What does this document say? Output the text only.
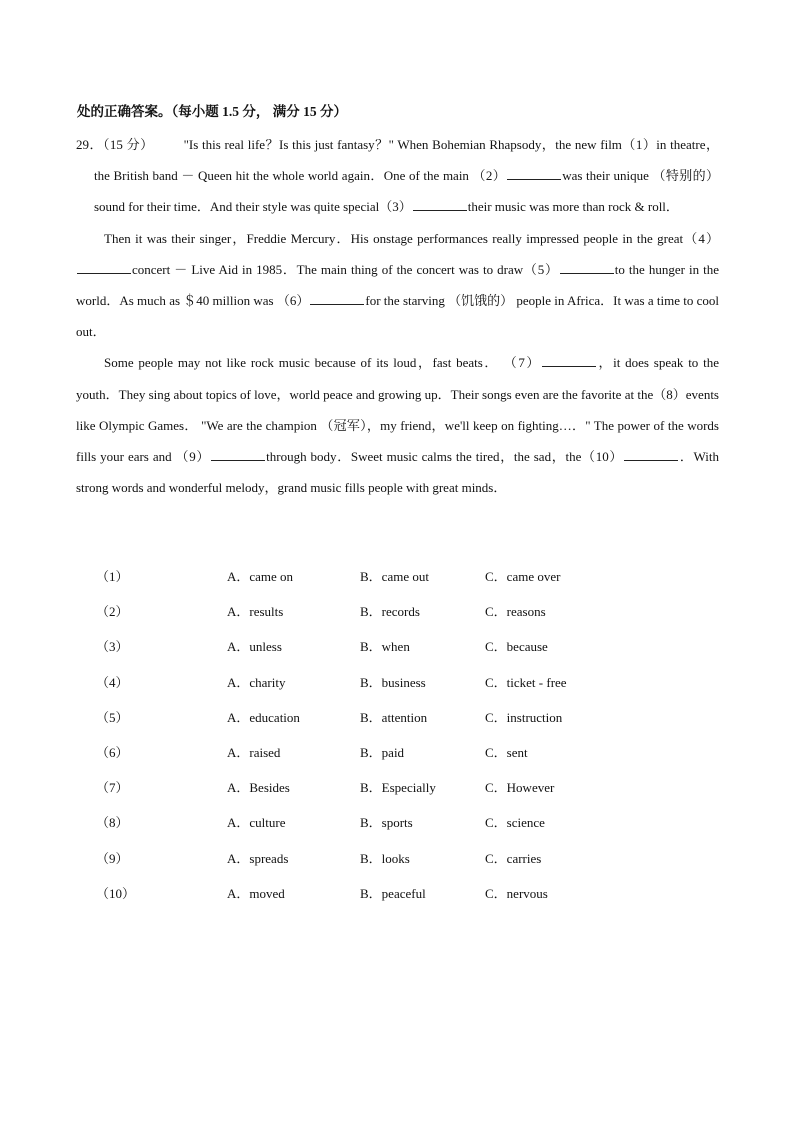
处的正确答案。（每小题 1.5 分， 满分 15 分）

29．（15 分） "Is this real life？Is this just fantasy？" When Bohemian Rhapsody，the new film（1）in theatre，the British band － Queen hit the whole world again．One of the main （2）	was their unique （特别的） sound for their time．And their style was quite special（3）	their music was more than rock & roll．

Then it was their singer，Freddie Mercury．His onstage performances really impressed people in the great（4）concert － Live Aid in 1985．The main thing of the concert was to draw（5）	to the hunger in the world．As much as ＄40 million was （6）	for the starving （饥饿的） people in Africa．It was a time to cool out．

Some people may not like rock music because of its loud，fast beats． （7）	，it does speak to the youth．They sing about topics of love，world peace and growing up．Their songs even are the favorite at the（8）events like Olympic Games． "We are the champion （冠军），my friend，we'll keep on fighting…．" The power of the words fills your ears and （9）	through body．Sweet music calms the tired，the sad，the（10）	．With strong words and wonderful melody，grand music fills people with great minds．

（1）	A．came on	B．came out	C．came over
（2）	A．results	B．records	C．reasons
（3）	A．unless	B．when	C．because
（4）	A．charity	B．business	C．ticket - free
（5）	A．education	B．attention	C．instruction
（6）	A．raised	B．paid	C．sent
（7）	A．Besides	B．Especially	C．However
（8）	A．culture	B．sports	C．science
（9）	A．spreads	B．looks	C．carries
（10）	A．moved	B．peaceful	C．nervous
